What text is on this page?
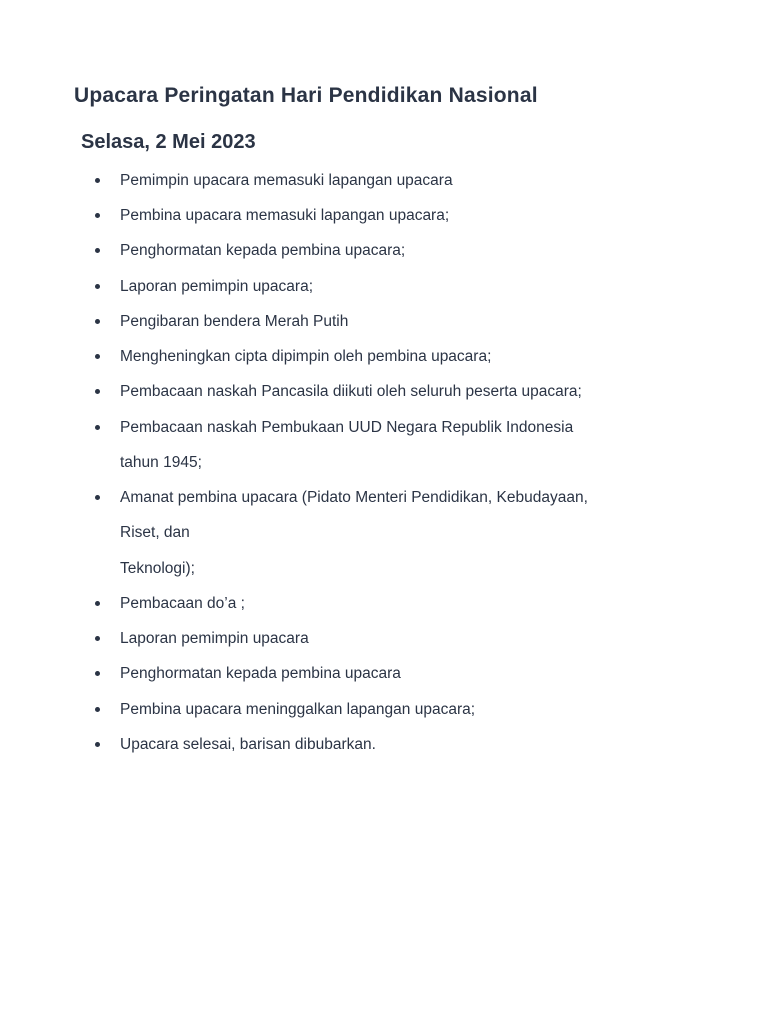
Upacara Peringatan Hari Pendidikan Nasional
Selasa, 2 Mei 2023
Pemimpin upacara memasuki lapangan upacara
Pembina upacara memasuki lapangan upacara;
Penghormatan kepada pembina upacara;
Laporan pemimpin upacara;
Pengibaran bendera Merah Putih
Mengheningkan cipta dipimpin oleh pembina upacara;
Pembacaan naskah Pancasila diikuti oleh seluruh peserta upacara;
Pembacaan naskah Pembukaan UUD Negara Republik Indonesia
tahun 1945;
Amanat pembina upacara (Pidato Menteri Pendidikan, Kebudayaan,
Riset, dan
Teknologi);
Pembacaan do’a ;
Laporan pemimpin upacara
Penghormatan kepada pembina upacara
Pembina upacara meninggalkan lapangan upacara;
Upacara selesai, barisan dibubarkan.
